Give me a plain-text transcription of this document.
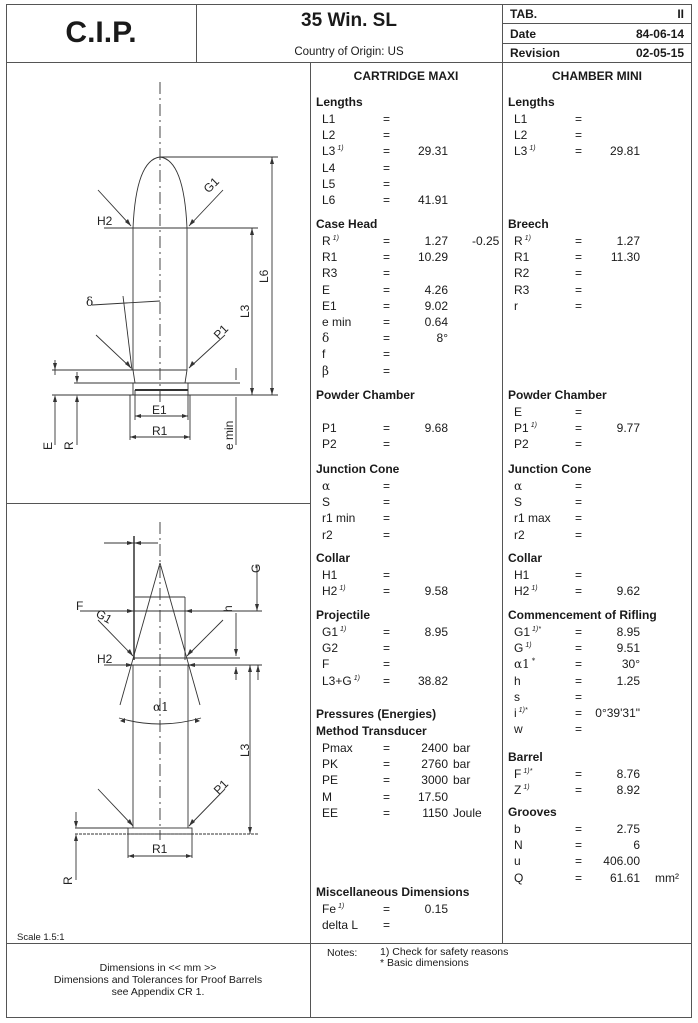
C.I.P.	35 Win. SL
Country of Origin: US
TAB.	II
Date	84-06-14
Revision	02-05-15
CARTRIDGE MAXI	CHAMBER MINI
Lengths
L1	=
L2	=
L3 $^{1)}$	= 29.31
L4	=
L5	=
L6	= 41.91
Case Head
R $^{1)}$	=	1.27 -0.25
R1	= 10.29
R3	=
E	=	4.26
E1	=	9.02
e min	=	0.64
δ	=	8°
f	=
β	=
Powder Chamber
P1	=	9.68
P2	=
Junction Cone
α	=
S	=
r1 min =
r2	=
Collar
H1	=
H2 $^{1)}$	=	9.58
Projectile
G1 $^{1)}$	=	8.95
G2	=
F	=
L3+G $^{1)}$ = 38.82
Pressures (Energies)
Method Transducer
Pmax	=	2400 bar
PK	=	2760 bar
PE	=	3000 bar
M	= 17.50
EE	=	1150 Joule
Miscellaneous Dimensions
Fe $^{1)}$	=	0.15
delta L =
Lengths
L1	=
L2	=
L3 $^{1)}$	= 29.81
Breech
R $^{1)}$	=	1.27
R1	= 11.30
R2	=
R3	=
r	=
Powder Chamber
E	=
P1 $^{1)}$	=	9.77
P2	=
Junction Cone
α	=
S	=
r1 max =
r2	=
Collar
H1	=
H2 $^{1)}$	=	9.62
Commencement of Rifling
G1 $^{1)*}$	=	8.95
G $^{1)}$	=	9.51
α1 *	=	30°
h	=	1.25
s	=
i $^{1)*}$	= 0°39'31"
w	=
Barrel
F $^{1)*}$	=	8.76
Z $^{1)}$	=	8.92
Grooves
b	=	2.75
N	=	6
u	= 406.00
Q	= 61.61 mm²
G1
H2
L6
L3
δ
P1
E1
R1
E R	e min
G
F
G1	h
H2
α1
L3
P1
R1
R
Scale 1.5:1
Dimensions in << mm >>
Dimensions and Tolerances for Proof Barrels
see Appendix CR 1.
Notes: 1) Check for safety reasons
* Basic dimensions
